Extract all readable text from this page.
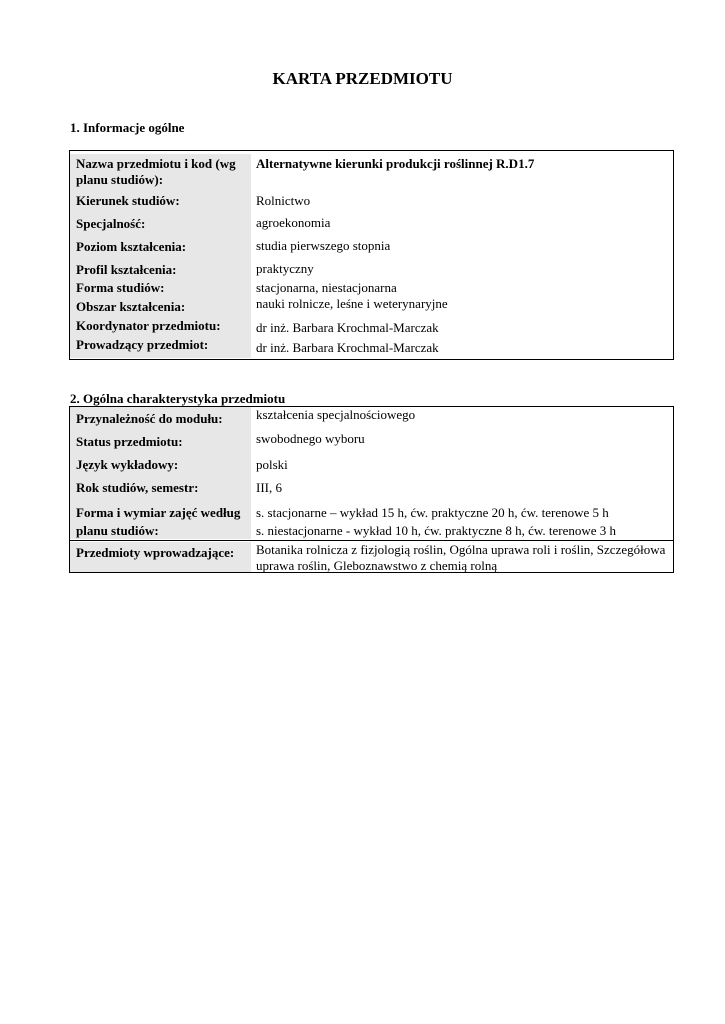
KARTA PRZEDMIOTU
1. Informacje ogólne
Nazwa przedmiotu i kod (wg planu studiów):
Alternatywne kierunki produkcji roślinnej R.D1.7
Kierunek studiów:	Rolnictwo
Specjalność:	agroekonomia
Poziom kształcenia:	studia pierwszego stopnia
Profil kształcenia:	praktyczny
Forma studiów:	stacjonarna, niestacjonarna
Obszar kształcenia:	nauki rolnicze, leśne i weterynaryjne
Koordynator przedmiotu:	dr inż. Barbara Krochmal-Marczak
Prowadzący przedmiot:	dr inż. Barbara Krochmal-Marczak
2. Ogólna charakterystyka przedmiotu
Przynależność do modułu:	kształcenia specjalnościowego
Status przedmiotu:	swobodnego wyboru
Język wykładowy:	polski
Rok studiów, semestr:	III, 6
Forma i wymiar zajęć według planu studiów:
s. stacjonarne – wykład 15 h, ćw. praktyczne 20 h, ćw. terenowe 5 h
s. niestacjonarne - wykład 10 h, ćw. praktyczne 8 h, ćw. terenowe 3 h
Przedmioty wprowadzające:	Botanika rolnicza z fizjologią roślin, Ogólna uprawa roli i roślin, Szczegółowa uprawa roślin, Gleboznawstwo z chemią rolną
